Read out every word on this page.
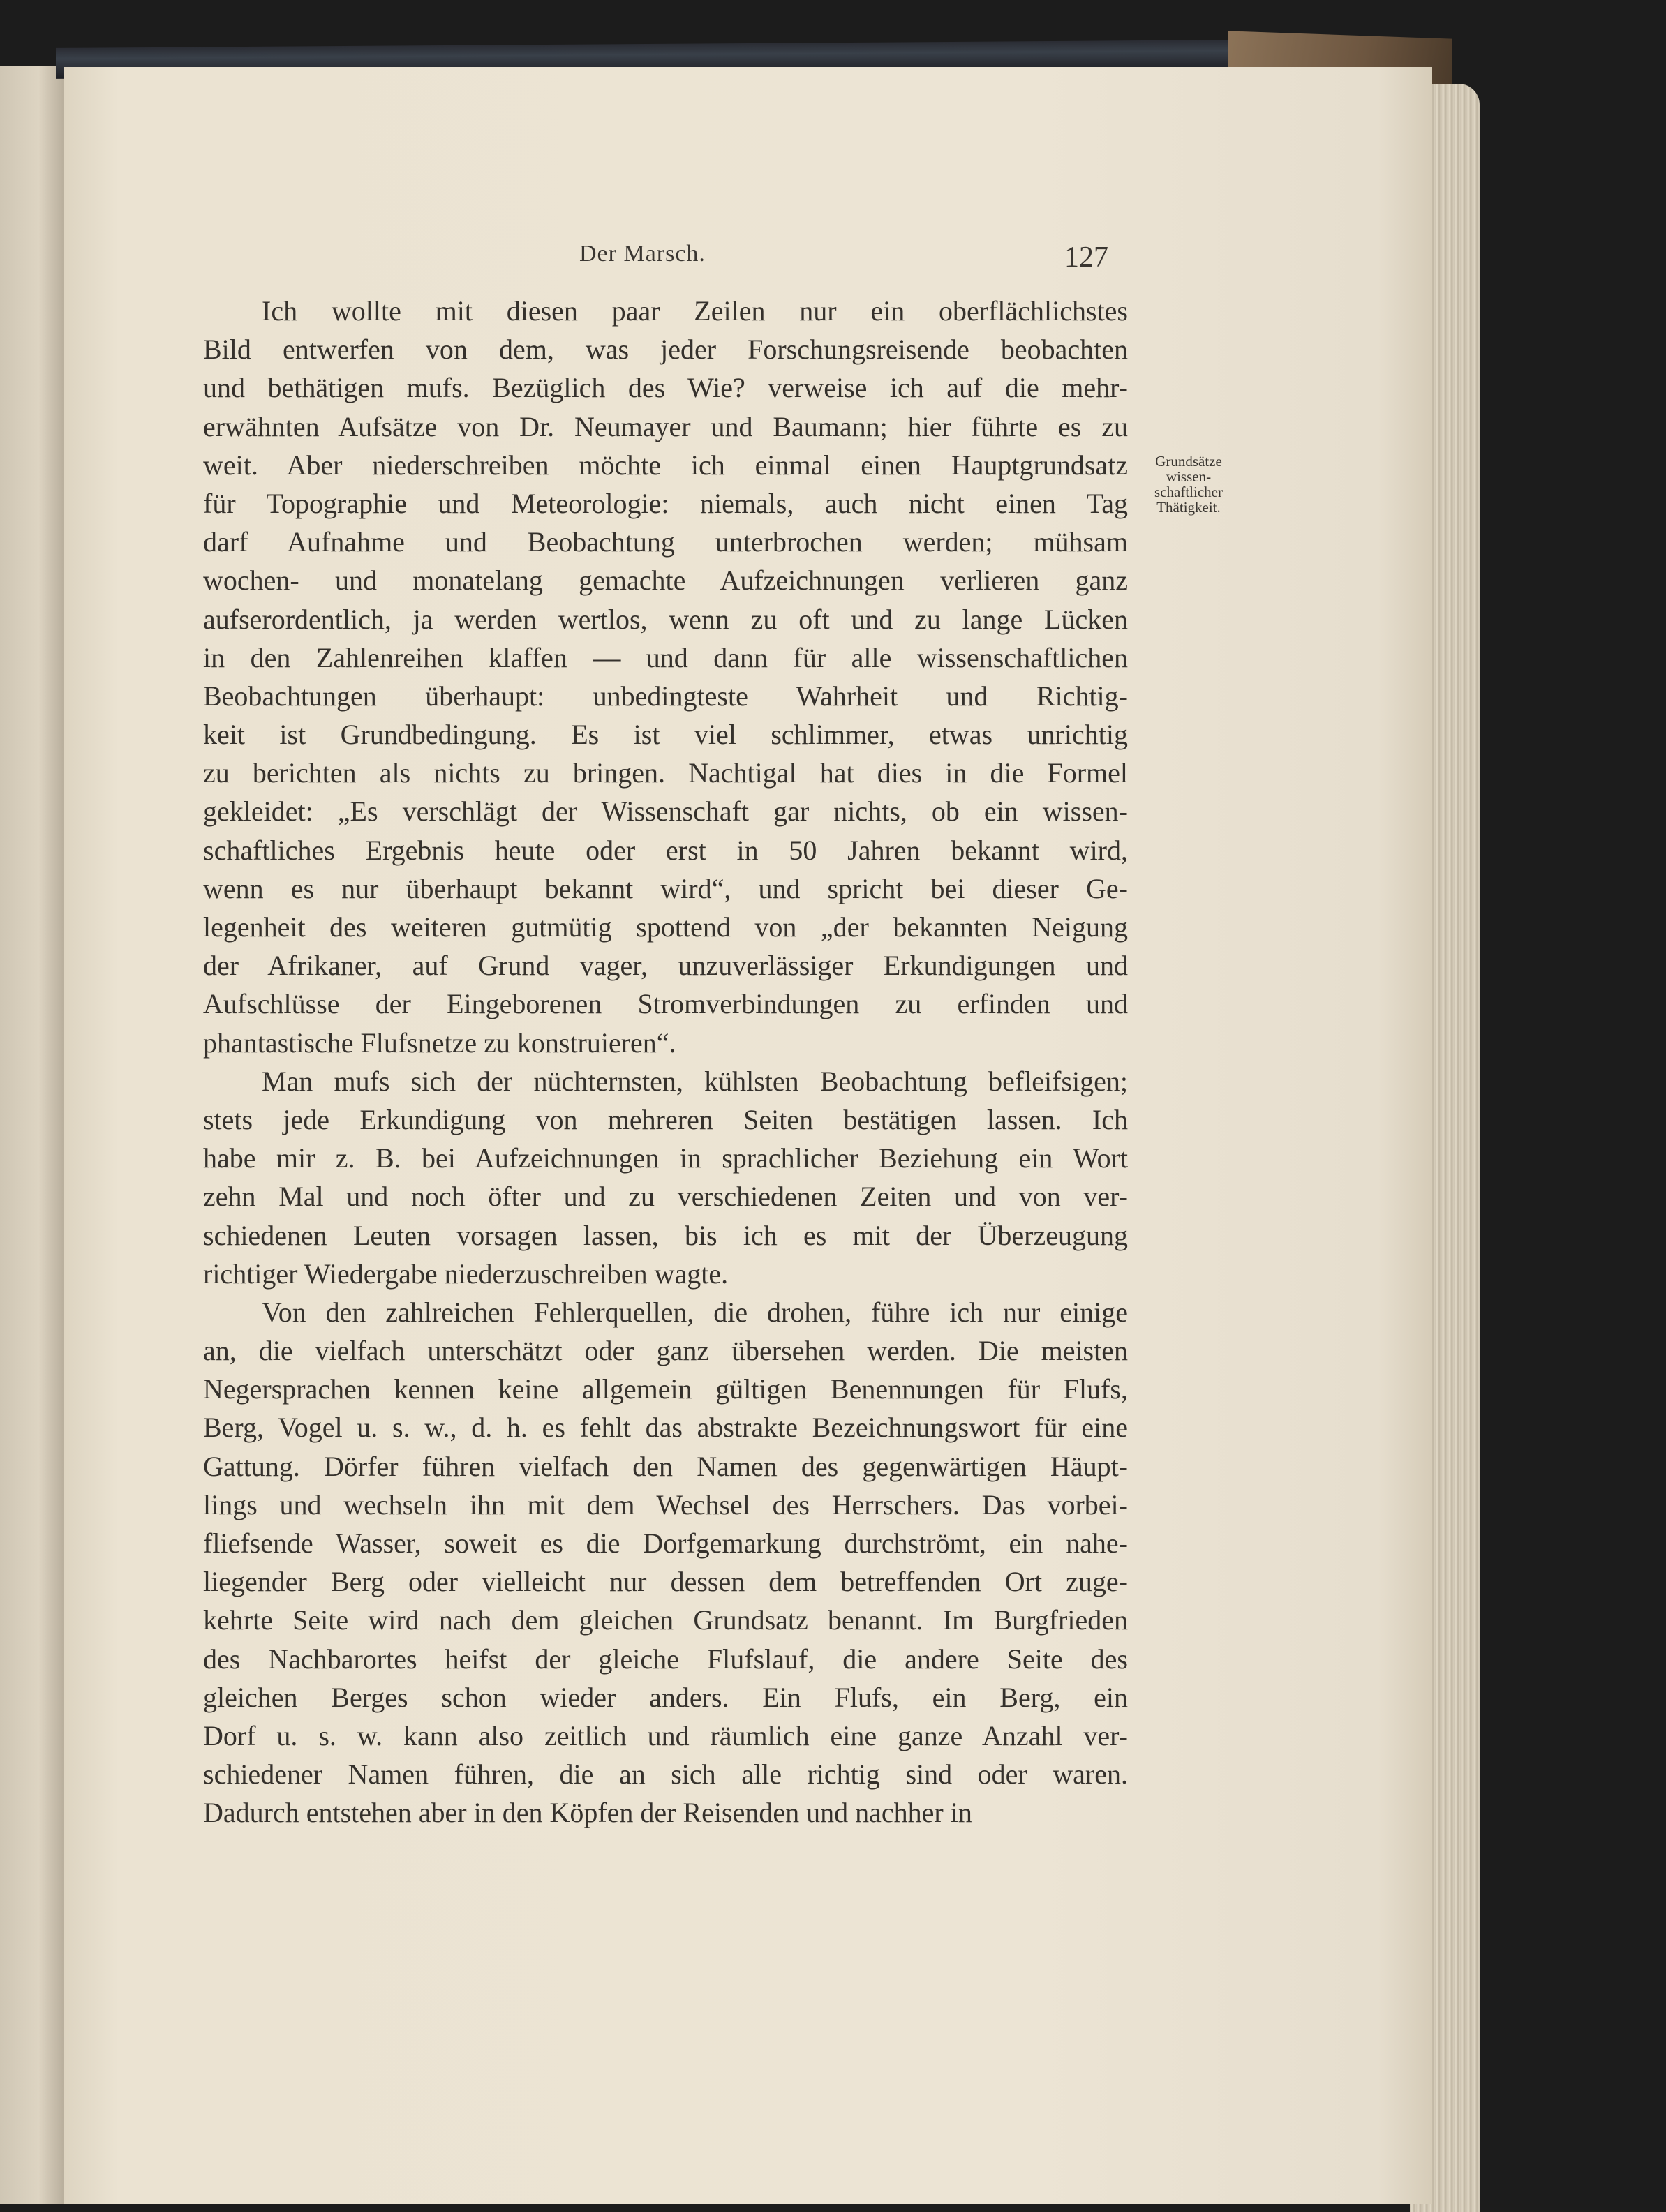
Der Marsch.	127
Grundsätze
wissen-
schaftlicher
Thätigkeit.
Ich wollte mit diesen paar Zeilen nur ein oberflächlichstes
Bild entwerfen von dem, was jeder Forschungsreisende beobachten
und bethätigen mufs. Bezüglich des Wie? verweise ich auf die mehr-
erwähnten Aufsätze von Dr. Neumayer und Baumann; hier führte es zu
weit. Aber niederschreiben möchte ich einmal einen Hauptgrundsatz
für Topographie und Meteorologie: niemals, auch nicht einen Tag
darf Aufnahme und Beobachtung unterbrochen werden; mühsam
wochen- und monatelang gemachte Aufzeichnungen verlieren ganz
aufserordentlich, ja werden wertlos, wenn zu oft und zu lange Lücken
in den Zahlenreihen klaffen — und dann für alle wissenschaftlichen
Beobachtungen überhaupt: unbedingteste Wahrheit und Richtig-
keit ist Grundbedingung. Es ist viel schlimmer, etwas unrichtig
zu berichten als nichts zu bringen. Nachtigal hat dies in die Formel
gekleidet: „Es verschlägt der Wissenschaft gar nichts, ob ein wissen-
schaftliches Ergebnis heute oder erst in 50 Jahren bekannt wird,
wenn es nur überhaupt bekannt wird“, und spricht bei dieser Ge-
legenheit des weiteren gutmütig spottend von „der bekannten Neigung
der Afrikaner, auf Grund vager, unzuverlässiger Erkundigungen und
Aufschlüsse der Eingeborenen Stromverbindungen zu erfinden und
phantastische Flufsnetze zu konstruieren“.
Man mufs sich der nüchternsten, kühlsten Beobachtung befleifsigen;
stets jede Erkundigung von mehreren Seiten bestätigen lassen. Ich
habe mir z. B. bei Aufzeichnungen in sprachlicher Beziehung ein Wort
zehn Mal und noch öfter und zu verschiedenen Zeiten und von ver-
schiedenen Leuten vorsagen lassen, bis ich es mit der Überzeugung
richtiger Wiedergabe niederzuschreiben wagte.
Von den zahlreichen Fehlerquellen, die drohen, führe ich nur einige
an, die vielfach unterschätzt oder ganz übersehen werden. Die meisten
Negersprachen kennen keine allgemein gültigen Benennungen für Flufs,
Berg, Vogel u. s. w., d. h. es fehlt das abstrakte Bezeichnungswort für eine
Gattung. Dörfer führen vielfach den Namen des gegenwärtigen Häupt-
lings und wechseln ihn mit dem Wechsel des Herrschers. Das vorbei-
fliefsende Wasser, soweit es die Dorfgemarkung durchströmt, ein nahe-
liegender Berg oder vielleicht nur dessen dem betreffenden Ort zuge-
kehrte Seite wird nach dem gleichen Grundsatz benannt. Im Burgfrieden
des Nachbarortes heifst der gleiche Flufslauf, die andere Seite des
gleichen Berges schon wieder anders. Ein Flufs, ein Berg, ein
Dorf u. s. w. kann also zeitlich und räumlich eine ganze Anzahl ver-
schiedener Namen führen, die an sich alle richtig sind oder waren.
Dadurch entstehen aber in den Köpfen der Reisenden und nachher in
